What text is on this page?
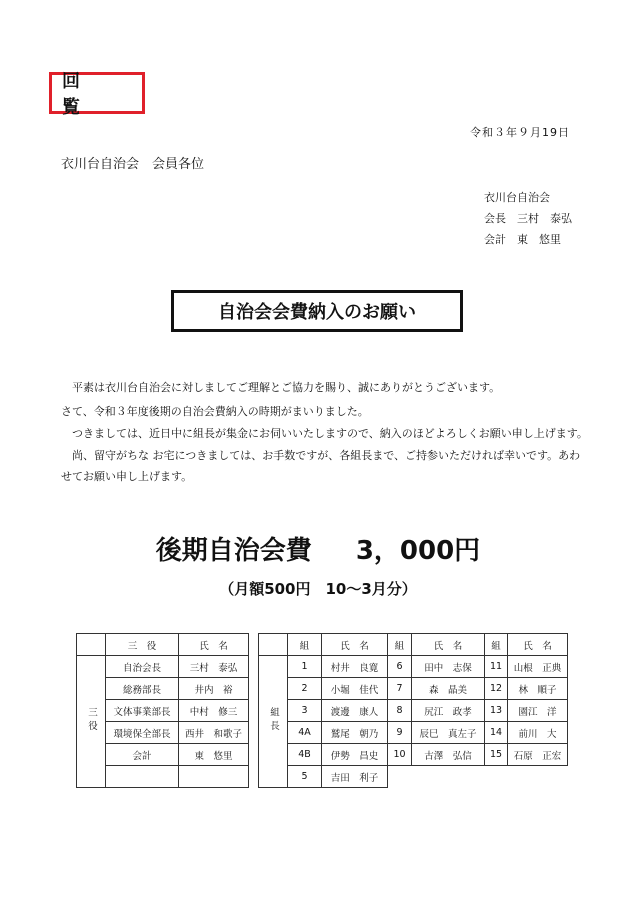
回　覧
令和３年９月19日
衣川台自治会　会員各位
衣川台自治会
会長　三村　泰弘
会計　東　悠里
自治会会費納入のお願い
平素は衣川台自治会に対しましてご理解とご協力を賜り、誠にありがとうございます。
さて、令和３年度後期の自治会費納入の時期がまいりました。
つきましては、近日中に組長が集金にお伺いいたしますので、納入のほどよろしくお願い申し上げます。
尚、留守がちな お宅につきましては、お手数ですが、各組長まで、ご持参いただければ幸いです。あわ
せてお願い申し上げます。
後期自治会費 3，000円
（月額500円　10～3月分）
	三　役	氏　名			組	氏　名	組	氏　名	組	氏　名
三役	自治会長	三村　泰弘		組長	1	村井　良寛	6	田中　志保	11	山根　正典
	総務部長	井内　裕			2	小堀　佳代	7	森　晶美	12	林　順子
	文体事業部長	中村　修三			3	渡邊　康人	8	尻江　政孝	13	園江　洋
	環境保全部長	西井　和歌子			4A	鷲尾　朝乃	9	辰巳　真左子	14	前川　大
	会計	東　悠里			4B	伊勢　昌史	10	古澤　弘信	15	石原　正宏
					5	吉田　利子				
